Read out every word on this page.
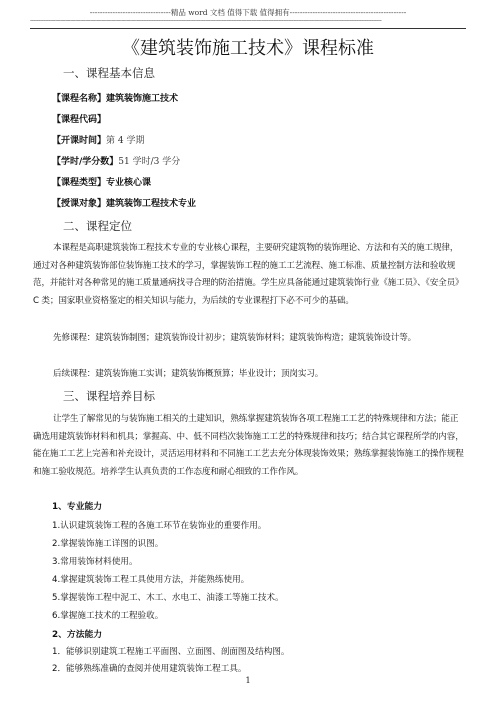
--------------------------------精品 word 文档 值得下载 值得拥有----------------------------------------------
-------------------------------------------------------------------------------------------------------------------------------------------------------------------------------------------------------------------
《建筑装饰施工技术》课程标准
一、课程基本信息
【课程名称】建筑装饰施工技术
【课程代码】
【开课时间】第 4 学期
【学时/学分数】51 学时/3 学分
【课程类型】专业核心课
【授课对象】建筑装饰工程技术专业
二、课程定位
本课程是高职建筑装饰工程技术专业的专业核心课程，主要研究建筑物的装饰理论、方法和有关的施工规律，通过对各种建筑装饰部位装饰施工技术的学习，掌握装饰工程的施工工艺流程、施工标准、质量控制方法和验收规范，并能针对各种常见的施工质量通病找寻合理的防治措施。学生应具备能通过建筑装饰行业《施工员》、《安全员》C 类；国家职业资格鉴定的相关知识与能力，为后续的专业课程打下必不可少的基础。
先修课程：建筑装饰制图；建筑装饰设计初步；建筑装饰材料；建筑装饰构造；建筑装饰设计等。
后续课程：建筑装饰施工实训；建筑装饰概预算；毕业设计；顶岗实习。
三、课程培养目标
让学生了解常见的与装饰施工相关的土建知识，熟练掌握建筑装饰各项工程施工工艺的特殊规律和方法；能正确选用建筑装饰材料和机具；掌握高、中、低不同档次装饰施工工艺的特殊规律和技巧；结合其它课程所学的内容，能在施工工艺上完善和补充设计，灵活运用材料和不同施工工艺去充分体现装饰效果；熟练掌握装饰施工的操作规程和施工验收规范。培养学生认真负责的工作态度和耐心细致的工作作风。
1、专业能力
1.认识建筑装饰工程的各施工环节在装饰业的重要作用。
2.掌握装饰施工详图的识图。
3.常用装饰材料使用。
4.掌握建筑装饰工程工具使用方法，并能熟练使用。
5.掌握装饰工程中泥工、木工、水电工、油漆工等施工技术。
6.掌握施工技术的工程验收。
2、方法能力
1．能够识别建筑工程施工平面图、立面图、剖面图及结构图。
2．能够熟练准确的查阅并使用建筑装饰工程工具。
1
